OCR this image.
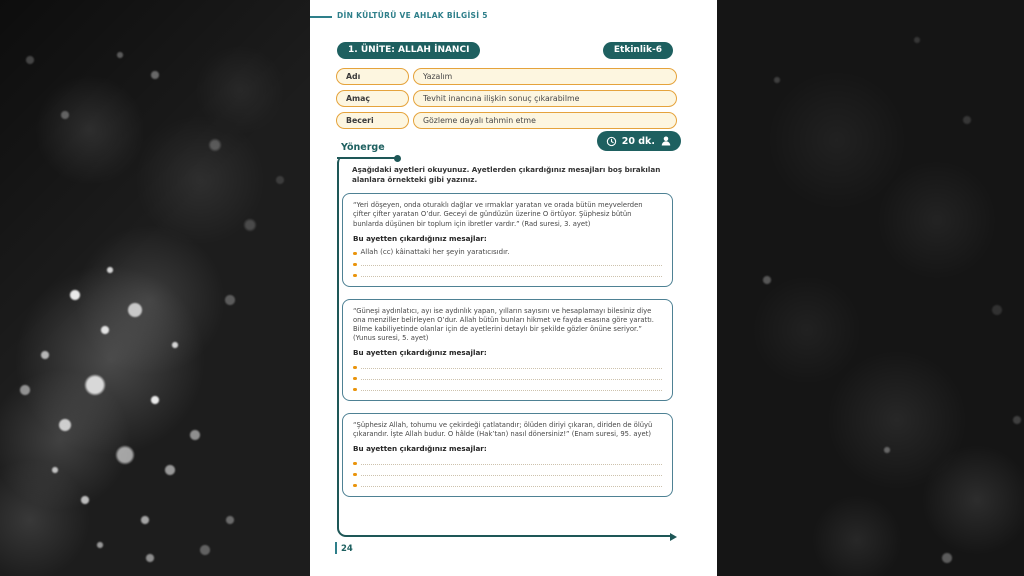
DİN KÜLTÜRÜ VE AHLAK BİLGİSİ 5
1. ÜNİTE: ALLAH İNANCI	Etkinlik-6
Adı	Yazalım
Amaç	Tevhit inancına ilişkin sonuç çıkarabilme
Beceri	Gözleme dayalı tahmin etme
20 dk.
Yönerge

Aşağıdaki ayetleri okuyunuz. Ayetlerden çıkardığınız mesajları boş bırakılan alanlara örnekteki gibi yazınız.

“Yeri döşeyen, onda oturaklı dağlar ve ırmaklar yaratan ve orada bütün meyvelerden çifter çifter yaratan O’dur. Geceyi de gündüzün üzerine O örtüyor. Şüphesiz bütün bunlarda düşünen bir toplum için ibretler vardır.” (Rad suresi, 3. ayet)

Bu ayetten çıkardığınız mesajlar:

Allah (cc) kâinattaki her şeyin yaratıcısıdır.

“Güneşi aydınlatıcı, ayı ise aydınlık yapan, yılların sayısını ve hesaplamayı bilesiniz diye ona menziller belirleyen O’dur. Allah bütün bunları hikmet ve fayda esasına göre yarattı. Bilme kabiliyetinde olanlar için de ayetlerini detaylı bir şekilde gözler önüne seriyor.” (Yunus suresi, 5. ayet)

Bu ayetten çıkardığınız mesajlar:

“Şüphesiz Allah, tohumu ve çekirdeği çatlatandır; ölüden diriyi çıkaran, diriden de ölüyü çıkarandır. İşte Allah budur. O hâlde (Hak’tan) nasıl dönersiniz!” (Enam suresi, 95. ayet)

Bu ayetten çıkardığınız mesajlar:

24
